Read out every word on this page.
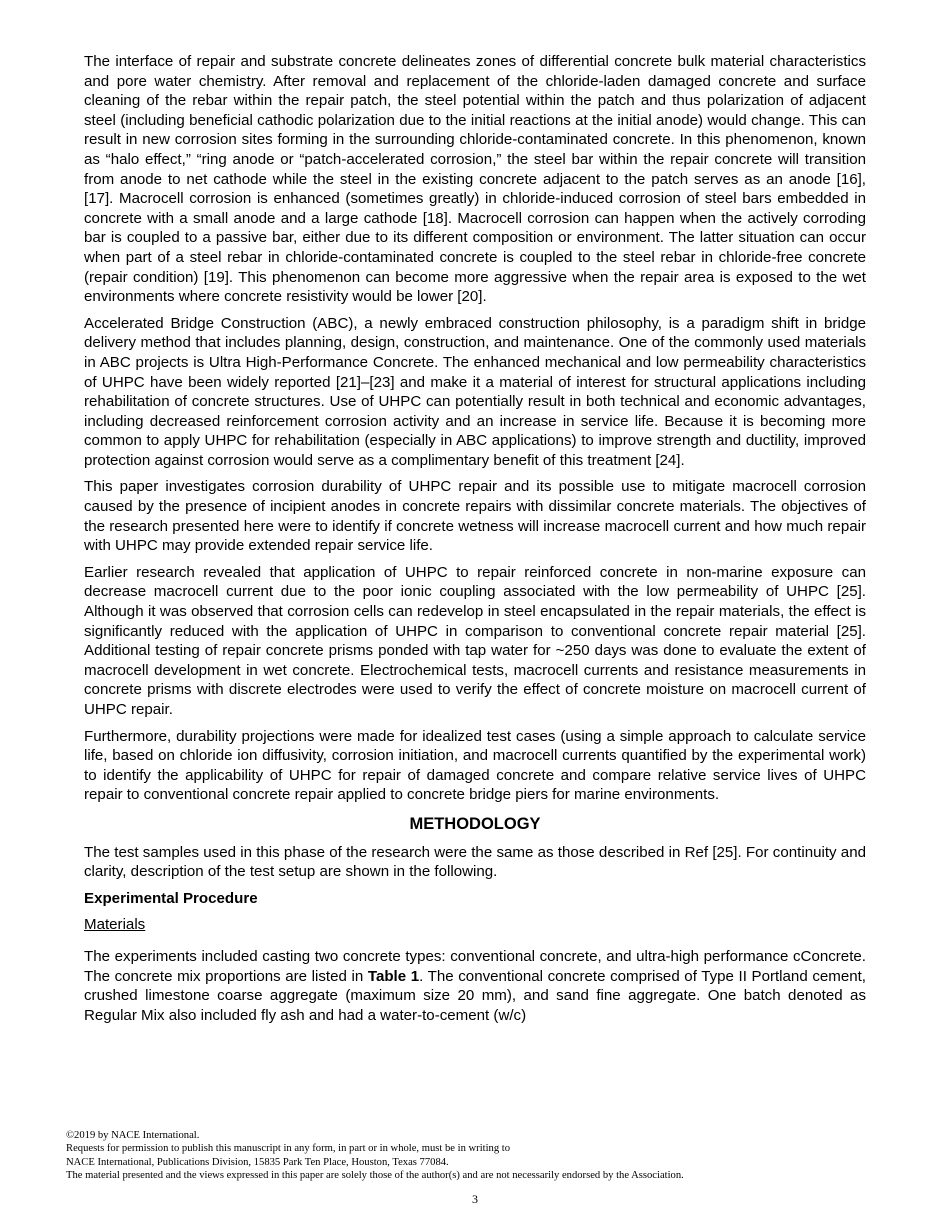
The interface of repair and substrate concrete delineates zones of differential concrete bulk material characteristics and pore water chemistry. After removal and replacement of the chloride-laden damaged concrete and surface cleaning of the rebar within the repair patch, the steel potential within the patch and thus polarization of adjacent steel (including beneficial cathodic polarization due to the initial reactions at the initial anode) would change. This can result in new corrosion sites forming in the surrounding chloride-contaminated concrete. In this phenomenon, known as “halo effect,” “ring anode or “patch-accelerated corrosion,” the steel bar within the repair concrete will transition from anode to net cathode while the steel in the existing concrete adjacent to the patch serves as an anode [16], [17]. Macrocell corrosion is enhanced (sometimes greatly) in chloride-induced corrosion of steel bars embedded in concrete with a small anode and a large cathode [18]. Macrocell corrosion can happen when the actively corroding bar is coupled to a passive bar, either due to its different composition or environment. The latter situation can occur when part of a steel rebar in chloride-contaminated concrete is coupled to the steel rebar in chloride-free concrete (repair condition) [19]. This phenomenon can become more aggressive when the repair area is exposed to the wet environments where concrete resistivity would be lower [20].

Accelerated Bridge Construction (ABC), a newly embraced construction philosophy, is a paradigm shift in bridge delivery method that includes planning, design, construction, and maintenance. One of the commonly used materials in ABC projects is Ultra High-Performance Concrete. The enhanced mechanical and low permeability characteristics of UHPC have been widely reported [21]–[23] and make it a material of interest for structural applications including rehabilitation of concrete structures. Use of UHPC can potentially result in both technical and economic advantages, including decreased reinforcement corrosion activity and an increase in service life. Because it is becoming more common to apply UHPC for rehabilitation (especially in ABC applications) to improve strength and ductility, improved protection against corrosion would serve as a complimentary benefit of this treatment [24].

This paper investigates corrosion durability of UHPC repair and its possible use to mitigate macrocell corrosion caused by the presence of incipient anodes in concrete repairs with dissimilar concrete materials. The objectives of the research presented here were to identify if concrete wetness will increase macrocell current and how much repair with UHPC may provide extended repair service life.

Earlier research revealed that application of UHPC to repair reinforced concrete in non-marine exposure can decrease macrocell current due to the poor ionic coupling associated with the low permeability of UHPC [25]. Although it was observed that corrosion cells can redevelop in steel encapsulated in the repair materials, the effect is significantly reduced with the application of UHPC in comparison to conventional concrete repair material [25]. Additional testing of repair concrete prisms ponded with tap water for ~250 days was done to evaluate the extent of macrocell development in wet concrete. Electrochemical tests, macrocell currents and resistance measurements in concrete prisms with discrete electrodes were used to verify the effect of concrete moisture on macrocell current of UHPC repair.

Furthermore, durability projections were made for idealized test cases (using a simple approach to calculate service life, based on chloride ion diffusivity, corrosion initiation, and macrocell currents quantified by the experimental work) to identify the applicability of UHPC for repair of damaged concrete and compare relative service lives of UHPC repair to conventional concrete repair applied to concrete bridge piers for marine environments.

METHODOLOGY

The test samples used in this phase of the research were the same as those described in Ref [25]. For continuity and clarity, description of the test setup are shown in the following.

Experimental Procedure
Materials

The experiments included casting two concrete types: conventional concrete, and ultra-high performance cConcrete. The concrete mix proportions are listed in Table 1. The conventional concrete comprised of Type II Portland cement, crushed limestone coarse aggregate (maximum size 20 mm), and sand fine aggregate. One batch denoted as Regular Mix also included fly ash and had a water-to-cement (w/c)

©2019 by NACE International.
Requests for permission to publish this manuscript in any form, in part or in whole, must be in writing to
NACE International, Publications Division, 15835 Park Ten Place, Houston, Texas 77084.
The material presented and the views expressed in this paper are solely those of the author(s) and are not necessarily endorsed by the Association.
3
